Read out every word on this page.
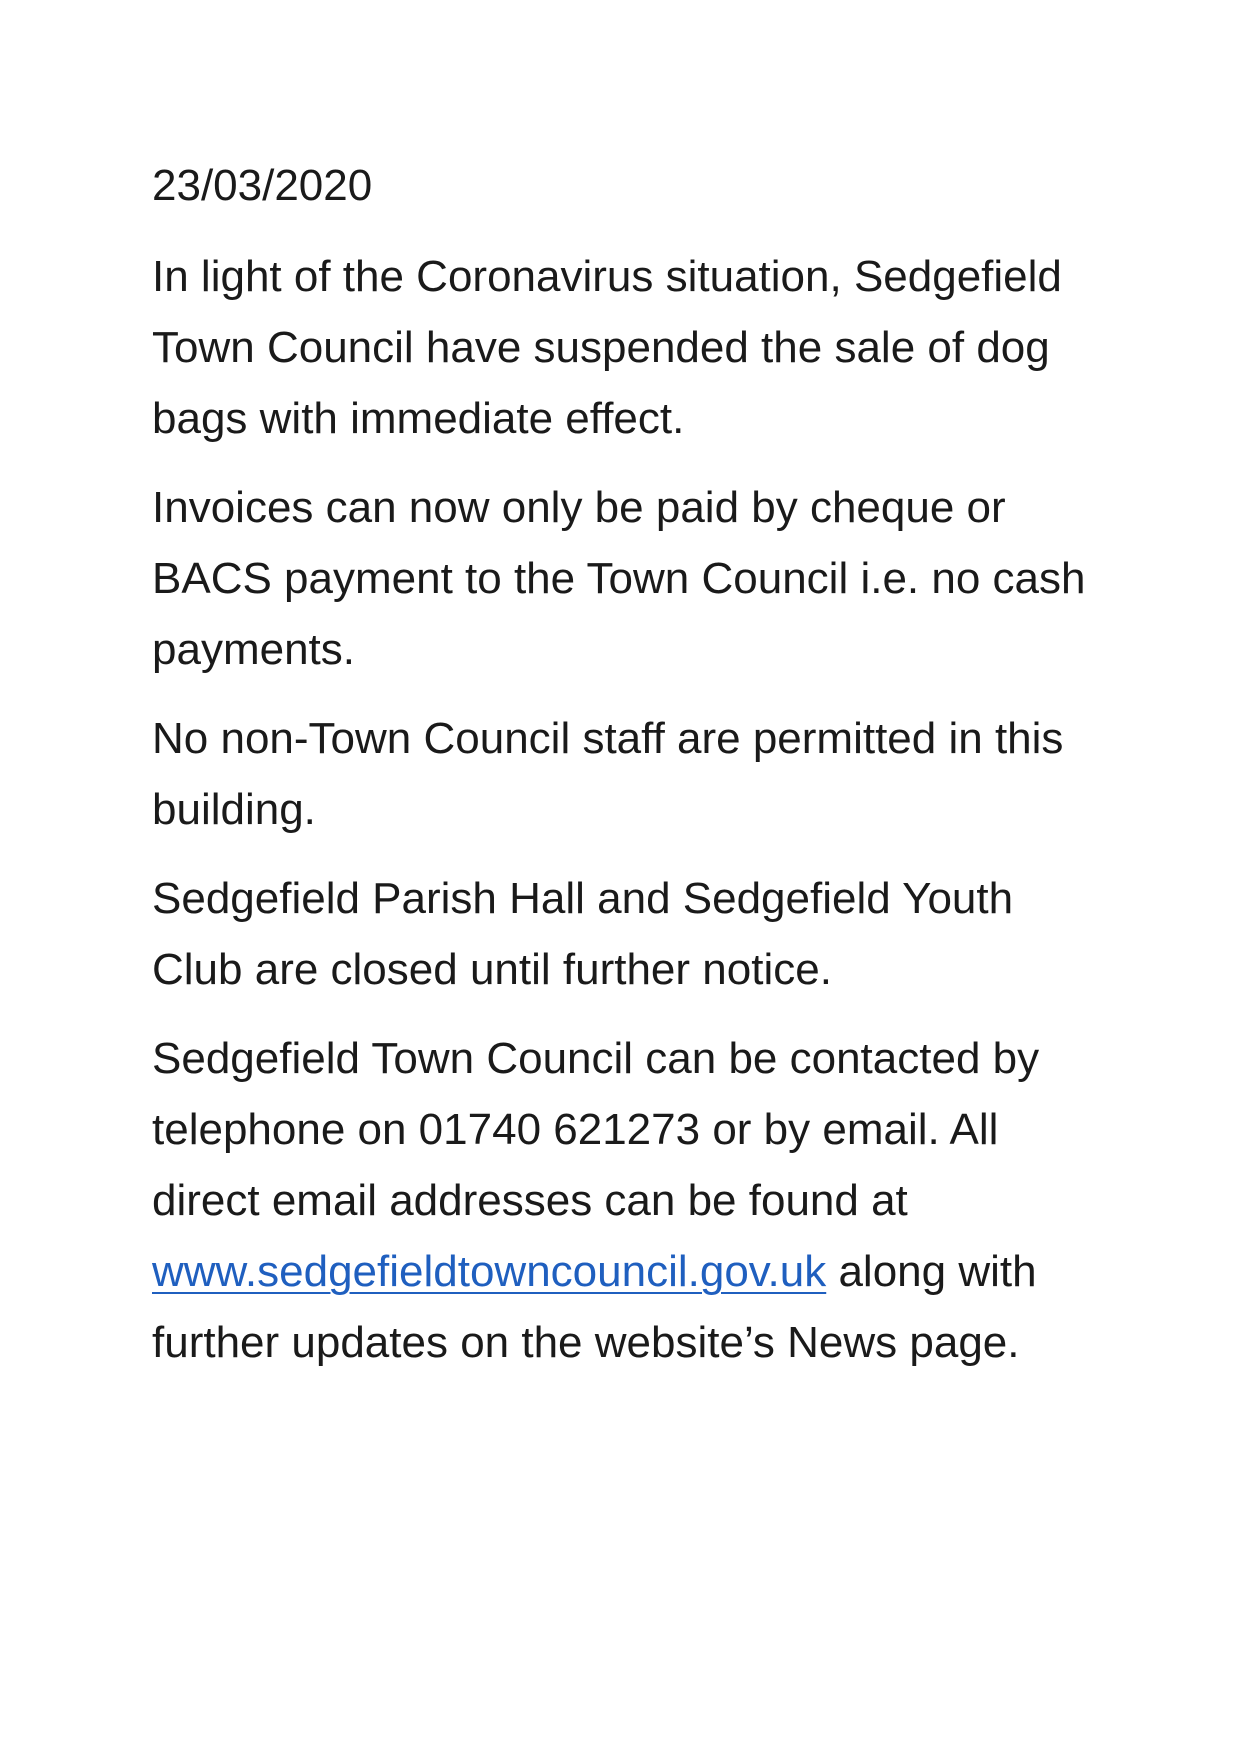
23/03/2020
In light of the Coronavirus situation, Sedgefield Town Council have suspended the sale of dog bags with immediate effect.
Invoices can now only be paid by cheque or BACS payment to the Town Council i.e. no cash payments.
No non-Town Council staff are permitted in this building.
Sedgefield Parish Hall and Sedgefield Youth Club are closed until further notice.
Sedgefield Town Council can be contacted by telephone on 01740 621273 or by email. All direct email addresses can be found at www.sedgefieldtowncouncil.gov.uk along with further updates on the website’s News page.
